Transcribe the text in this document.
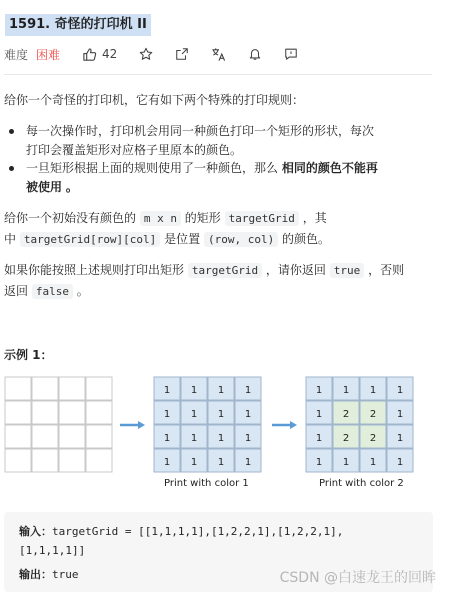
1591. 奇怪的打印机 II
难度 困难	42
给你一个奇怪的打印机，它有如下两个特殊的打印规则：
每一次操作时，打印机会用同一种颜色打印一个矩形的形状，每次
打印会覆盖矩形对应格子里原本的颜色。
一旦矩形根据上面的规则使用了一种颜色，那么 相同的颜色不能再
被使用 。
给你一个初始没有颜色的 m x n 的矩形 targetGrid ，其
中 targetGrid[row][col] 是位置 (row, col) 的颜色。
如果你能按照上述规则打印出矩形 targetGrid ，请你返回 true ，否则
返回 false 。
示例 1：
1 1 1 1
1 1 1 1
1 1 1 1
1 1 1 1
1 1 1 1
1 2 2 1
1 2 2 1
1 1 1 1
Print with color 1	Print with color 2
输入：targetGrid = [[1,1,1,1],[1,2,2,1],[1,2,2,1],
[1,1,1,1]]
输出：true	CSDN @白速龙王的回眸
